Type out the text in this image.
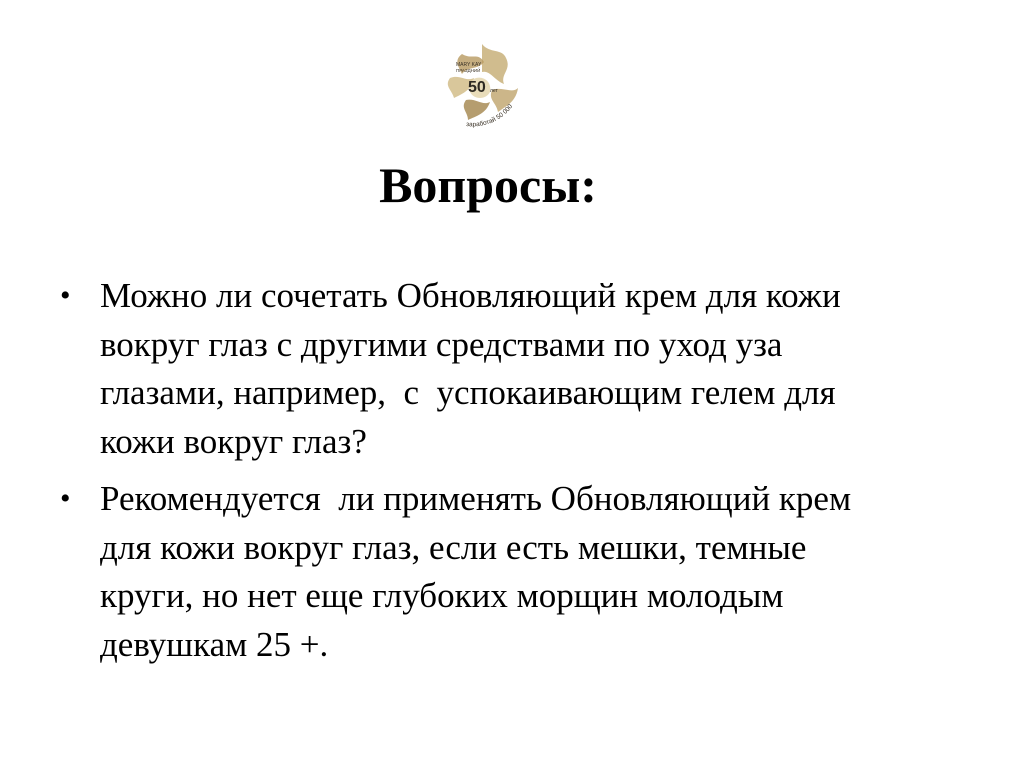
MARY KAY
ПРАЗДНИЙ
50 лет
заработай 50 000
Вопросы:
• Можно ли сочетать Обновляющий крем для кожи
вокруг глаз с другими средствами по уход уза
глазами, например,  с  успокаивающим гелем для
кожи вокруг глаз?
• Рекомендуется  ли применять Обновляющий крем
для кожи вокруг глаз, если есть мешки, темные
круги, но нет еще глубоких морщин молодым
девушкам 25 +.
